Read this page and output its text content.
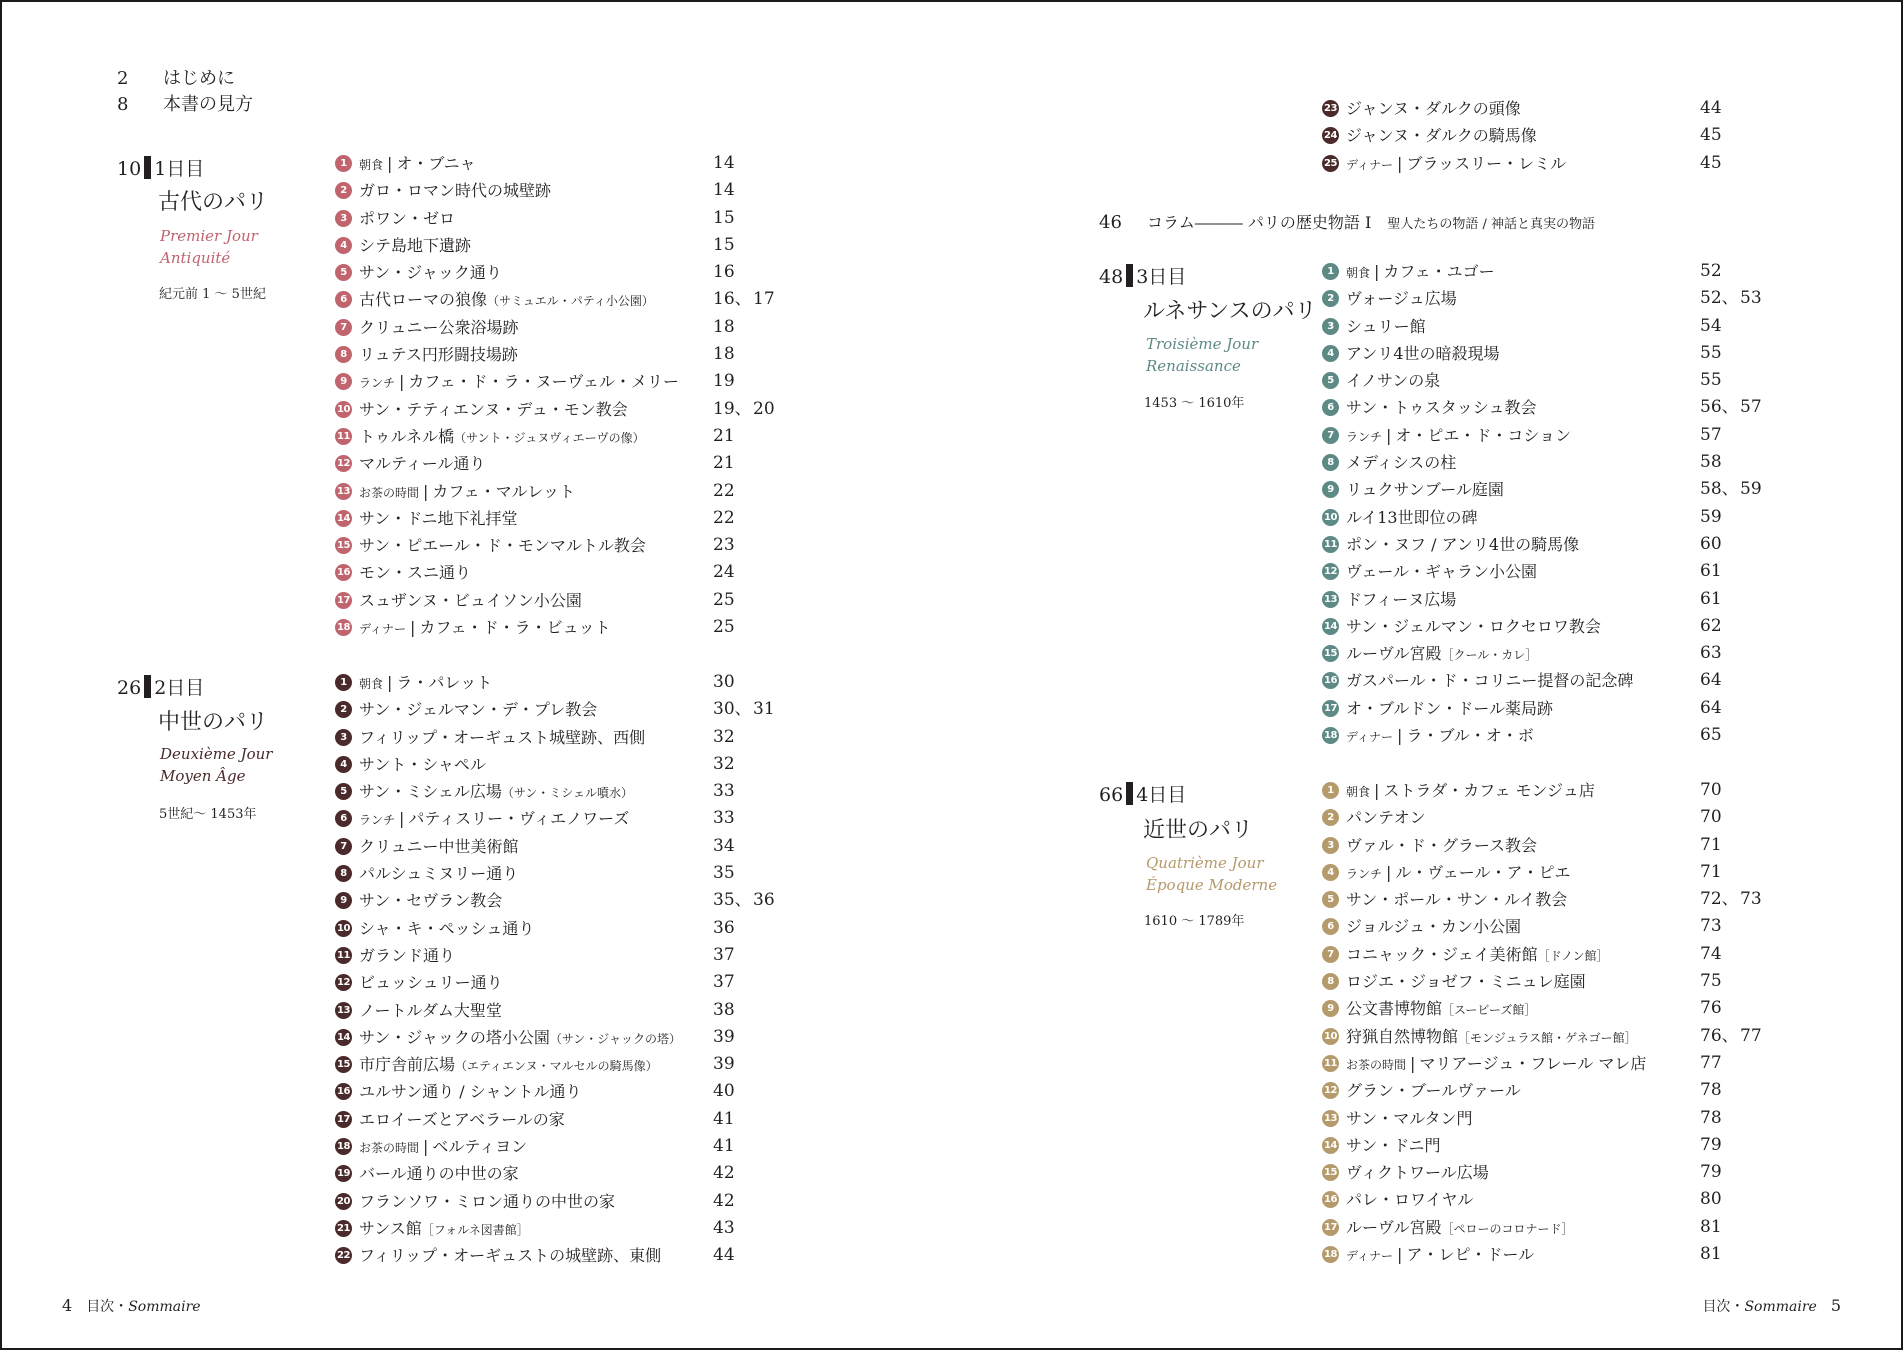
2 はじめに
8 本書の見方
10 1日目
古代のパリ
Premier Jour
Antiquité
紀元前 1 ～ 5世紀
26 2日目
中世のパリ
Deuxième Jour
Moyen Âge
5世紀～ 1453年
48 3日目
ルネサンスのパリ
Troisième Jour
Renaissance
1453 ～ 1610年
66 4日目
近世のパリ
Quatrième Jour
Époque Moderne
1610 ～ 1789年
46 コラム――― パリの歴史物語 I　 聖人たちの物語 / 神話と真実の物語
1	朝食 | オ・ブニャ	14
2 ガロ・ロマン時代の城壁跡	14
3 ポワン・ゼロ	15
4 シテ島地下遺跡	15
5 サン・ジャック通り	16
6 古代ローマの狼像（サミュエル・パティ小公園）	16、 17
7 クリュニー公衆浴場跡	18
8 リュテス円形闘技場跡	18
9	ランチ | カフェ・ド・ラ・ヌーヴェル・メリー 19
10 サン・テティエンヌ・デュ・モン教会	19、 20
11 トゥルネル橋（サント・ジュヌヴィエーヴの像）	21
12 マルティール通り	21
13 お茶の時間 | カフェ・マルレット	22
14 サン・ドニ地下礼拝堂	22
15 サン・ピエール・ド・モンマルトル教会	23
16 モン・スニ通り	24
17 スュザンヌ・ビュイソン小公園	25
18 ディナー | カフェ・ド・ラ・ビュット	25
1	朝食 | ラ・パレット	30
2 サン・ジェルマン・デ・プレ教会	30、 31
3 フィリップ・オーギュスト城壁跡、西側	32
4 サント・シャペル	32
5 サン・ミシェル広場（サン・ミシェル噴水）	33
6	ランチ | パティスリー・ヴィエノワーズ	33
7 クリュニー中世美術館	34
8 パルシュミヌリー通り	35
9 サン・セヴラン教会	35、 36
10 シャ・キ・ペッシュ通り	36
11 ガランド通り	37
12 ビュッシュリー通り	37
13 ノートルダム大聖堂	38
14 サン・ジャックの塔小公園（サン・ジャックの塔） 39
15 市庁舎前広場（エティエンヌ・マルセルの騎馬像）	39
16 ユルサン通り / シャントル通り	40
17 エロイーズとアベラールの家	41
18 お茶の時間 | ベルティヨン	41
19 バール通りの中世の家	42
20 フランソワ・ミロン通りの中世の家	42
21 サンス館［フォルネ図書館］	43
22 フィリップ・オーギュストの城壁跡、東側	44
23 ジャンヌ・ダルクの頭像	44
24 ジャンヌ・ダルクの騎馬像	45
25 ディナー | ブラッスリー・レミル	45
1	朝食 | カフェ・ユゴー	52
2 ヴォージュ広場	52、 53
3 シュリー館	54
4 アンリ4世の暗殺現場	55
5 イノサンの泉	55
6 サン・トゥスタッシュ教会	56、 57
7	ランチ | オ・ピエ・ド・コション	57
8 メディシスの柱	58
9 リュクサンブール庭園	58、 59
10 ルイ13世即位の碑	59
11 ポン・ヌフ / アンリ4世の騎馬像	60
12 ヴェール・ギャラン小公園	61
13 ドフィーヌ広場	61
14 サン・ジェルマン・ロクセロワ教会	62
15 ルーヴル宮殿［クール・カレ］	63
16 ガスパール・ド・コリニー提督の記念碑	64
17 オ・ブルドン・ドール薬局跡	64
18 ディナー | ラ・ブル・オ・ボ	65
1	朝食 | ストラダ・カフェ モンジュ店	70
2 パンテオン	70
3 ヴァル・ド・グラース教会	71
4	ランチ | ル・ヴェール・ア・ピエ	71
5 サン・ポール・サン・ルイ教会	72、 73
6 ジョルジュ・カン小公園	73
7 コニャック・ジェイ美術館［ドノン館］	74
8 ロジエ・ジョゼフ・ミニュレ庭園	75
9 公文書博物館［スービーズ館］	76
10 狩猟自然博物館［モンジュラス館・ゲネゴー館］	76、 77
11 お茶の時間 | マリアージュ・フレール マレ店	77
12 グラン・ブールヴァール	78
13 サン・マルタン門	78
14 サン・ドニ門	79
15 ヴィクトワール広場	79
16 パレ・ロワイヤル	80
17 ルーヴル宮殿［ペローのコロナード］	81
18 ディナー | ア・レピ・ドール	81
4 目次・Sommaire	目次・Sommaire 5
